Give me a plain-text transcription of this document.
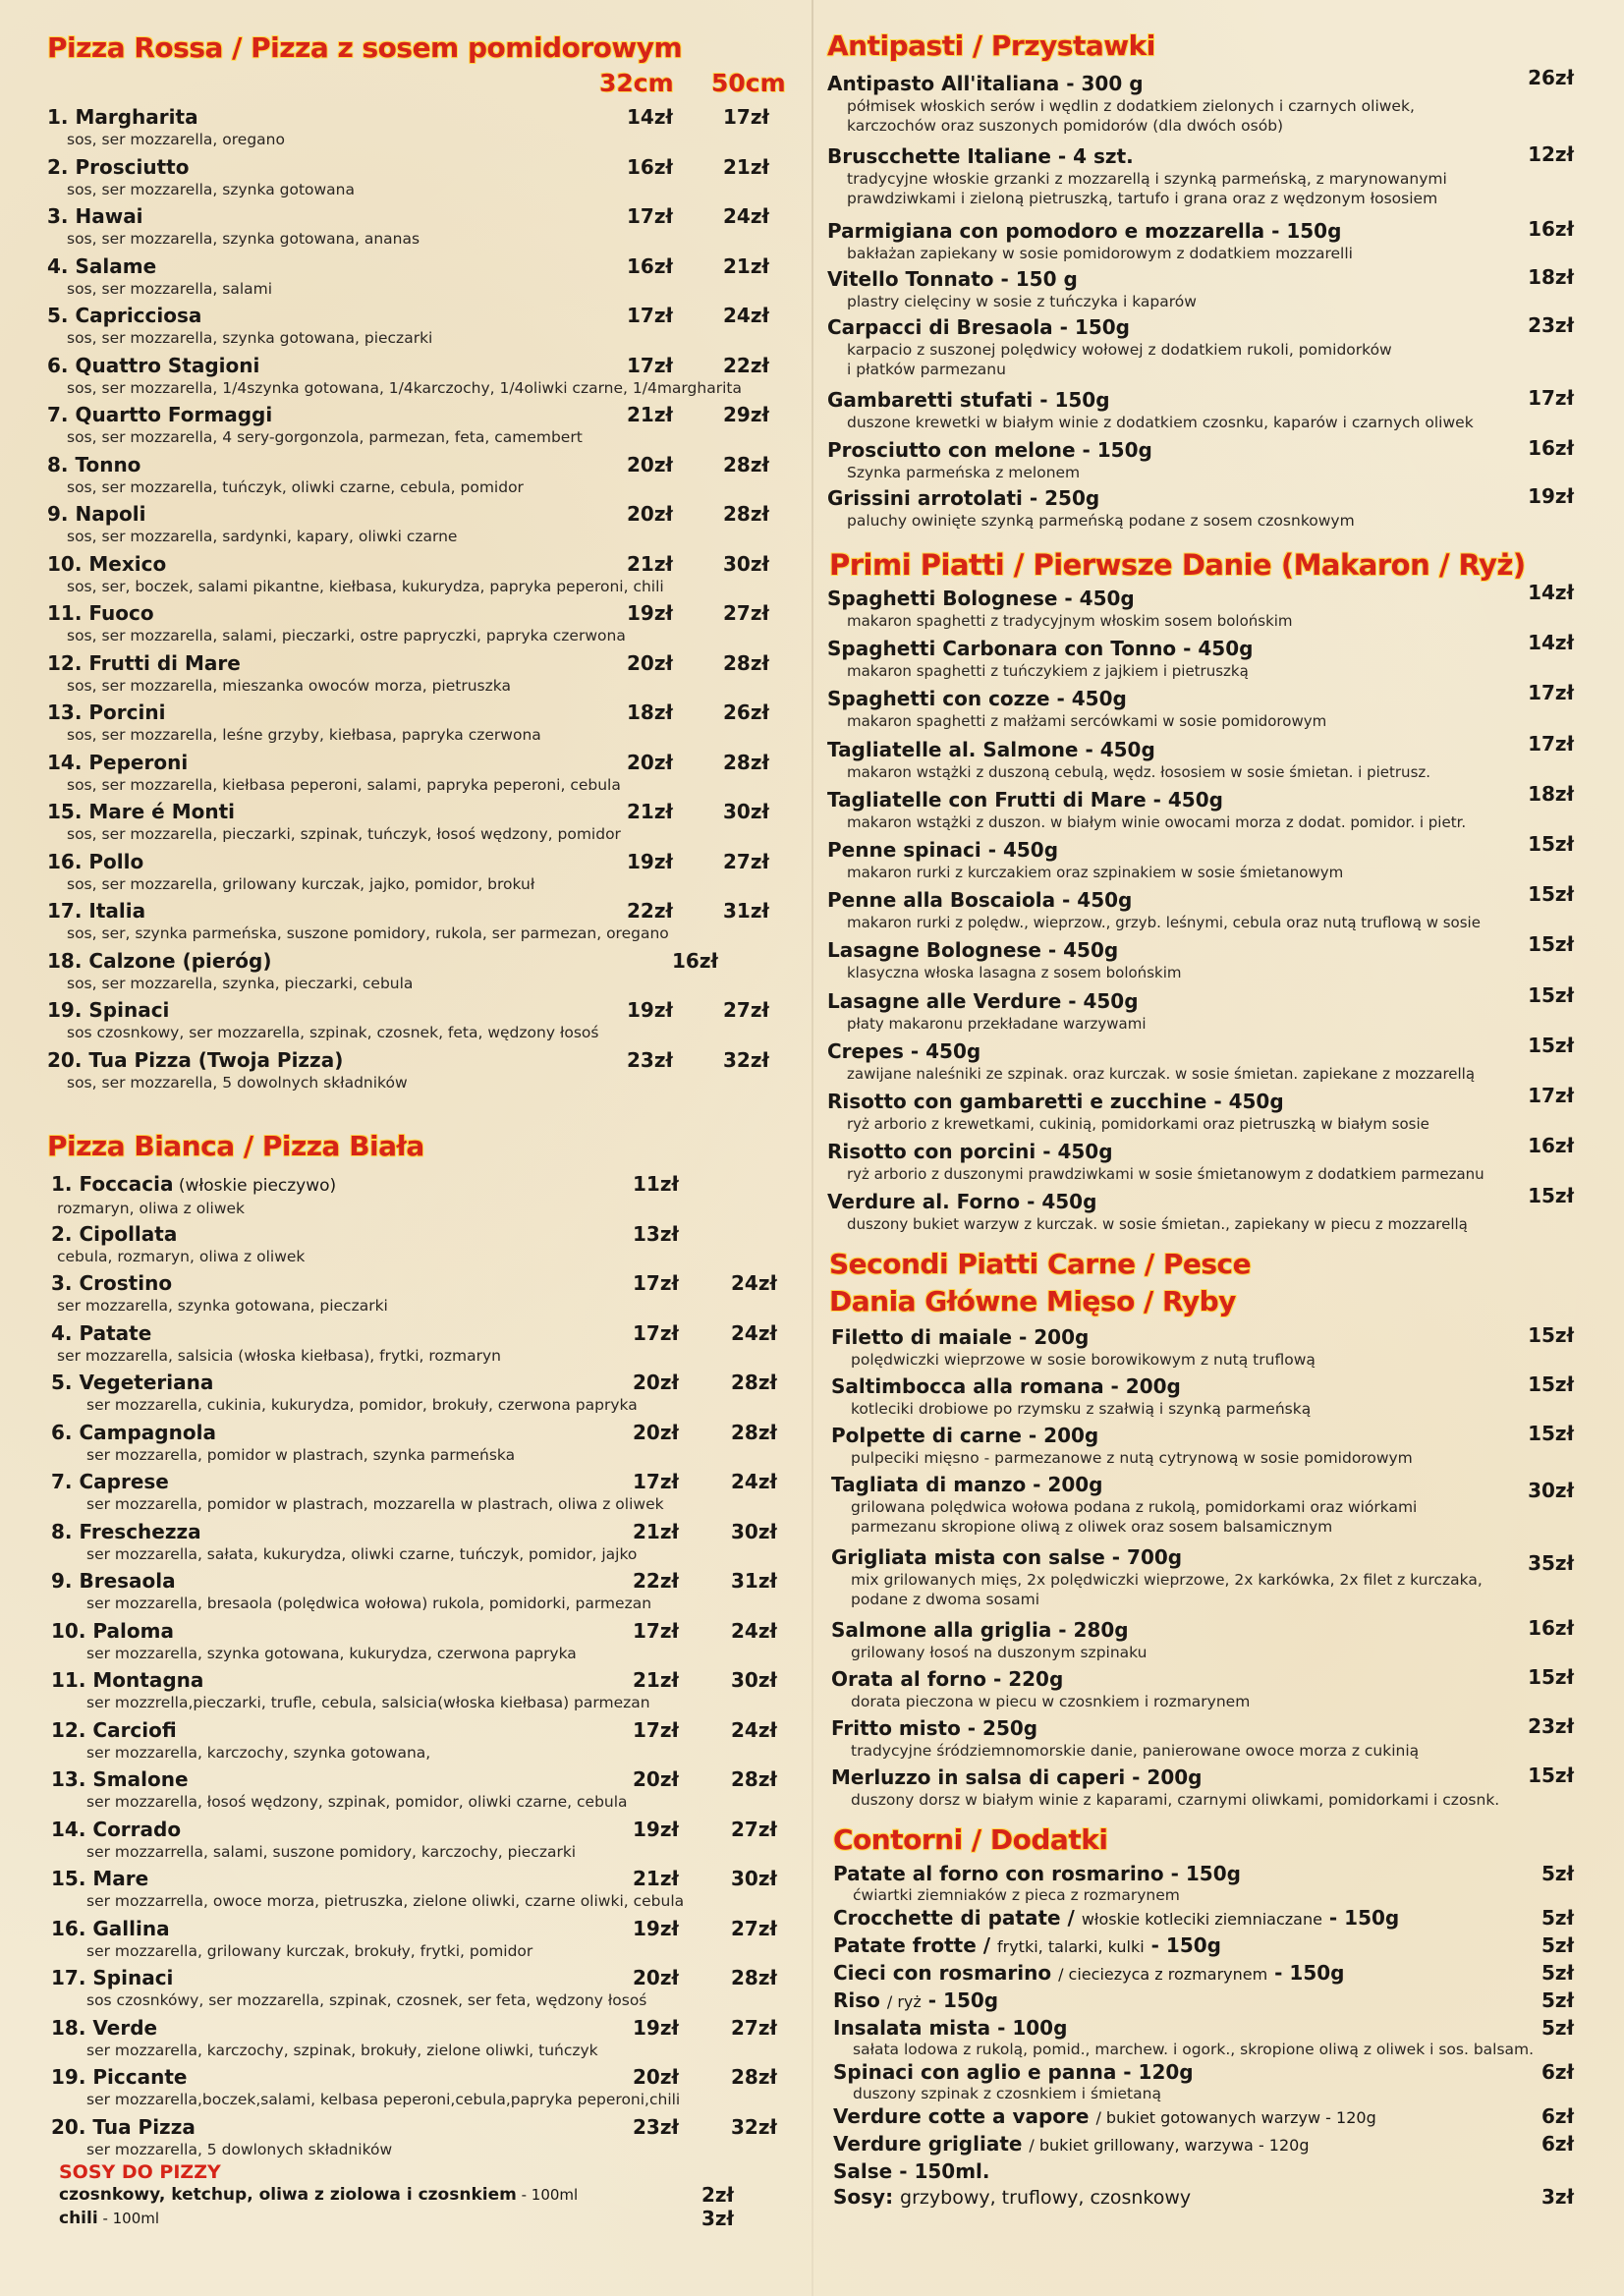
Pizza Rossa / Pizza z sosem pomidorowym
32cm 50cm
1. Margharita
sos, ser mozzarella, oregano
14zł	17zł
2. Prosciutto
sos, ser mozzarella, szynka gotowana
16zł	21zł
3. Hawai
sos, ser mozzarella, szynka gotowana, ananas
17zł	24zł
4. Salame
sos, ser mozzarella, salami
16zł	21zł
5. Capricciosa
sos, ser mozzarella, szynka gotowana, pieczarki
17zł	24zł
6. Quattro Stagioni
sos, ser mozzarella, 1/4szynka gotowana, 1/4karczochy, 1/4oliwki czarne, 1/4margharita
17zł	22zł
7. Quartto Formaggi
sos, ser mozzarella, 4 sery-gorgonzola, parmezan, feta, camembert
21zł	29zł
8. Tonno
sos, ser mozzarella, tuńczyk, oliwki czarne, cebula, pomidor
20zł	28zł
9. Napoli
sos, ser mozzarella, sardynki, kapary, oliwki czarne
20zł	28zł
10. Mexico
sos, ser, boczek, salami pikantne, kiełbasa, kukurydza, papryka peperoni, chili
21zł	30zł
11. Fuoco
sos, ser mozzarella, salami, pieczarki, ostre papryczki, papryka czerwona
19zł	27zł
12. Frutti di Mare
sos, ser mozzarella, mieszanka owoców morza, pietruszka
20zł	28zł
13. Porcini
sos, ser mozzarella, leśne grzyby, kiełbasa, papryka czerwona
18zł	26zł
14. Peperoni
sos, ser mozzarella, kiełbasa peperoni, salami, papryka peperoni, cebula
20zł	28zł
15. Mare é Monti
sos, ser mozzarella, pieczarki, szpinak, tuńczyk, łosoś wędzony, pomidor
21zł	30zł
16. Pollo
sos, ser mozzarella, grilowany kurczak, jajko, pomidor, brokuł
19zł	27zł
17. Italia
sos, ser, szynka parmeńska, suszone pomidory, rukola, ser parmezan, oregano
22zł	31zł
18. Calzone (pieróg)
sos, ser mozzarella, szynka, pieczarki, cebula
16zł
19. Spinaci
sos czosnkowy, ser mozzarella, szpinak, czosnek, feta, wędzony łosoś
19zł	27zł
20. Tua Pizza (Twoja Pizza)
sos, ser mozzarella, 5 dowolnych składników
23zł	32zł
Pizza Bianca / Pizza Biała
1. Foccacia (włoskie pieczywo)
rozmaryn, oliwa z oliwek
11zł
2. Cipollata
cebula, rozmaryn, oliwa z oliwek
13zł
3. Crostino
ser mozzarella, szynka gotowana, pieczarki
17zł	24zł
4. Patate
ser mozzarella, salsicia (włoska kiełbasa), frytki, rozmaryn
17zł	24zł
5. Vegeteriana
ser mozzarella, cukinia, kukurydza, pomidor, brokuły, czerwona papryka
20zł	28zł
6. Campagnola
ser mozzarella, pomidor w plastrach, szynka parmeńska
20zł	28zł
7. Caprese
ser mozzarella, pomidor w plastrach, mozzarella w plastrach, oliwa z oliwek
17zł	24zł
8. Freschezza
ser mozzarella, sałata, kukurydza, oliwki czarne, tuńczyk, pomidor, jajko
21zł	30zł
9. Bresaola
ser mozzarella, bresaola (polędwica wołowa) rukola, pomidorki, parmezan
22zł	31zł
10. Paloma
ser mozzarella, szynka gotowana, kukurydza, czerwona papryka
17zł	24zł
11. Montagna
ser mozzrella,pieczarki, trufle, cebula, salsicia(włoska kiełbasa) parmezan
21zł	30zł
12. Carciofi
ser mozzarella, karczochy, szynka gotowana,
17zł	24zł
13. Smalone
ser mozzarella, łosoś wędzony, szpinak, pomidor, oliwki czarne, cebula
20zł	28zł
14. Corrado
ser mozzarrella, salami, suszone pomidory, karczochy, pieczarki
19zł	27zł
15. Mare
ser mozzarrella, owoce morza, pietruszka, zielone oliwki, czarne oliwki, cebula
21zł	30zł
16. Gallina
ser mozzarella, grilowany kurczak, brokuły, frytki, pomidor
19zł	27zł
17. Spinaci
sos czosnkówy, ser mozzarella, szpinak, czosnek, ser feta, wędzony łosoś
20zł	28zł
18. Verde
ser mozzarella, karczochy, szpinak, brokuły, zielone oliwki, tuńczyk
19zł	27zł
19. Piccante
ser mozzarella,boczek,salami, kelbasa peperoni,cebula,papryka peperoni,chili
20zł	28zł
20. Tua Pizza
ser mozzarella, 5 dowlonych składników
23zł	32zł
SOSY DO PIZZY
czosnkowy, ketchup, oliwa z ziolowa i czosnkiem - 100ml	2zł
chili - 100ml	3zł
Antipasti / Przystawki
Antipasto All'italiana - 300 g
półmisek włoskich serów i wędlin z dodatkiem zielonych i czarnych oliwek,
karczochów oraz suszonych pomidorów (dla dwóch osób)
26zł
Bruscchette Italiane - 4 szt.
tradycyjne włoskie grzanki z mozzarellą i szynką parmeńską, z marynowanymi
prawdziwkami i zieloną pietruszką, tartufo i grana oraz z wędzonym łososiem
12zł
Parmigiana con pomodoro e mozzarella - 150g
bakłażan zapiekany w sosie pomidorowym z dodatkiem mozzarelli
16zł
Vitello Tonnato - 150 g
plastry cielęciny w sosie z tuńczyka i kaparów
18zł
Carpacci di Bresaola - 150g
karpacio z suszonej polędwicy wołowej z dodatkiem rukoli, pomidorków
i płatków parmezanu
23zł
Gambaretti stufati - 150g
duszone krewetki w białym winie z dodatkiem czosnku, kaparów i czarnych oliwek
17zł
Prosciutto con melone - 150g
Szynka parmeńska z melonem
16zł
Grissini arrotolati - 250g
paluchy owinięte szynką parmeńską podane z sosem czosnkowym
19zł
Primi Piatti / Pierwsze Danie (Makaron / Ryż)
Spaghetti Bolognese - 450g
makaron spaghetti z tradycyjnym włoskim sosem bolońskim
14zł
Spaghetti Carbonara con Tonno - 450g
makaron spaghetti z tuńczykiem z jajkiem i pietruszką
14zł
Spaghetti con cozze - 450g
makaron spaghetti z małżami sercówkami w sosie pomidorowym
17zł
Tagliatelle al. Salmone - 450g
makaron wstążki z duszoną cebulą, wędz. łososiem w sosie śmietan. i pietrusz.
17zł
Tagliatelle con Frutti di Mare - 450g
makaron wstążki z duszon. w białym winie owocami morza z dodat. pomidor. i pietr.
18zł
Penne spinaci - 450g
makaron rurki z kurczakiem oraz szpinakiem w sosie śmietanowym
15zł
Penne alla Boscaiola - 450g
makaron rurki z polędw., wieprzow., grzyb. leśnymi, cebula oraz nutą truflową w sosie
15zł
Lasagne Bolognese - 450g
klasyczna włoska lasagna z sosem bolońskim
15zł
Lasagne alle Verdure - 450g
płaty makaronu przekładane warzywami
15zł
Crepes - 450g
zawijane naleśniki ze szpinak. oraz kurczak. w sosie śmietan. zapiekane z mozzarellą
15zł
Risotto con gambaretti e zucchine - 450g
ryż arborio z krewetkami, cukinią, pomidorkami oraz pietruszką w białym sosie
17zł
Risotto con porcini - 450g
ryż arborio z duszonymi prawdziwkami w sosie śmietanowym z dodatkiem parmezanu
16zł
Verdure al. Forno - 450g
duszony bukiet warzyw z kurczak. w sosie śmietan., zapiekany w piecu z mozzarellą
15zł
Secondi Piatti Carne / Pesce
Dania Główne Mięso / Ryby
Filetto di maiale - 200g
polędwiczki wieprzowe w sosie borowikowym z nutą truflową
15zł
Saltimbocca alla romana - 200g
kotleciki drobiowe po rzymsku z szałwią i szynką parmeńską
15zł
Polpette di carne - 200g
pulpeciki mięsno - parmezanowe z nutą cytrynową w sosie pomidorowym
15zł
Tagliata di manzo - 200g
grilowana polędwica wołowa podana z rukolą, pomidorkami oraz wiórkami
parmezanu skropione oliwą z oliwek oraz sosem balsamicznym
30zł
Grigliata mista con salse - 700g
mix grilowanych mięs, 2x polędwiczki wieprzowe, 2x karkówka, 2x filet z kurczaka,
podane z dwoma sosami
35zł
Salmone alla griglia - 280g
grilowany łosoś na duszonym szpinaku
16zł
Orata al forno - 220g
dorata pieczona w piecu w czosnkiem i rozmarynem
15zł
Fritto misto - 250g
tradycyjne śródziemnomorskie danie, panierowane owoce morza z cukinią
23zł
Merluzzo in salsa di caperi - 200g
duszony dorsz w białym winie z kaparami, czarnymi oliwkami, pomidorkami i czosnk.
15zł
Contorni / Dodatki
Patate al forno con rosmarino - 150g	5zł
ćwiartki ziemniaków z pieca z rozmarynem
Crocchette di patate / włoskie kotleciki ziemniaczane - 150g	5zł
Patate frotte / frytki, talarki, kulki - 150g	5zł
Cieci con rosmarino / cieciezyca z rozmarynem - 150g	5zł
Riso / ryż - 150g	5zł
Insalata mista - 100g	5zł
sałata lodowa z rukolą, pomid., marchew. i ogork., skropione oliwą z oliwek i sos. balsam.
Spinaci con aglio e panna - 120g	6zł
duszony szpinak z czosnkiem i śmietaną
Verdure cotte a vapore / bukiet gotowanych warzyw - 120g	6zł
Verdure grigliate / bukiet grillowany, warzywa - 120g	6zł
Salse - 150ml.
Sosy: grzybowy, truflowy, czosnkowy	3zł
